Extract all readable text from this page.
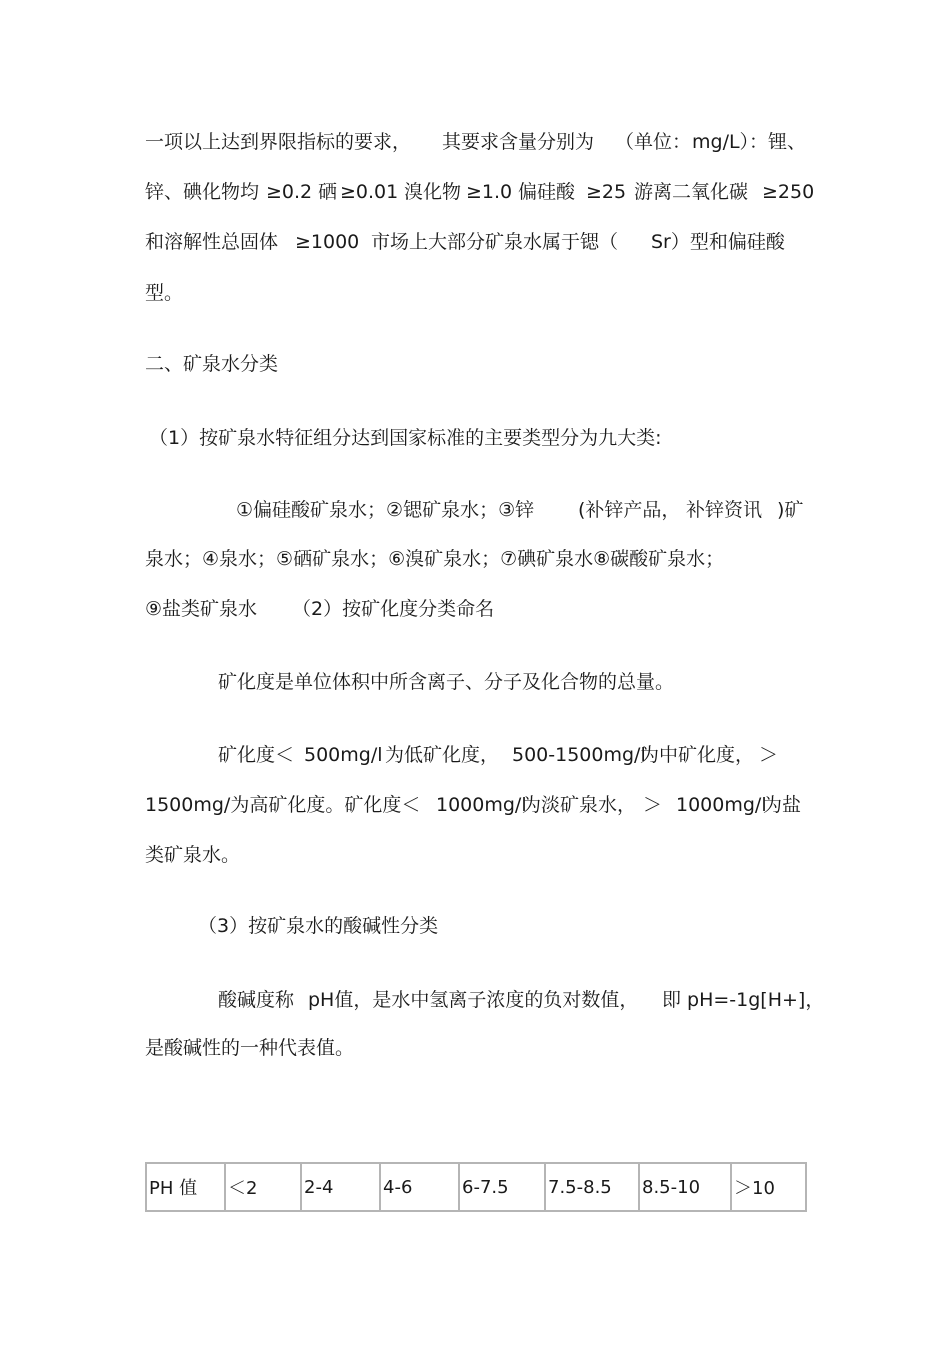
一项以上达到界限指标的要求， 其要求含量分别为 （单位： mg/L）：锂、
锌、碘化物均 ≥0.2 硒 ≥0.01 溴化物 ≥1.0 偏硅酸 ≥25 游离二氧化碳 ≥250
和溶解性总固体 ≥1000 市场上大部分矿泉水属于锶（ Sr）型和偏硅酸
型。
二、矿泉水分类
（1）按矿泉水特征组分达到国家标准的主要类型分为九大类:
①偏硅酸矿泉水；②锶矿泉水；③锌 (补锌产品， 补锌资讯 )矿
泉水；④泉水；⑤硒矿泉水；⑥溴矿泉水；⑦碘矿泉水⑧碳酸矿泉水；
⑨盐类矿泉水 （2）按矿化度分类命名
矿化度是单位体积中所含离子、分子及化合物的总量。
矿化度＜ 500mg/l 为低矿化度， 500-1500mg/l
为中矿化度， ＞
1500mg/为高矿化度。矿化度＜ 1000mg/l
为淡矿泉水， ＞ 1000mg/l
为盐
类矿泉水。
（3）按矿泉水的酸碱性分类
酸碱度称 pH值，是水中氢离子浓度的负对数值， 即 pH=-1g[H+]，
是酸碱性的一种代表值。
PH 值	＜2	2-4	4-6	6-7.5	7.5-8.5	8.5-10	＞10
